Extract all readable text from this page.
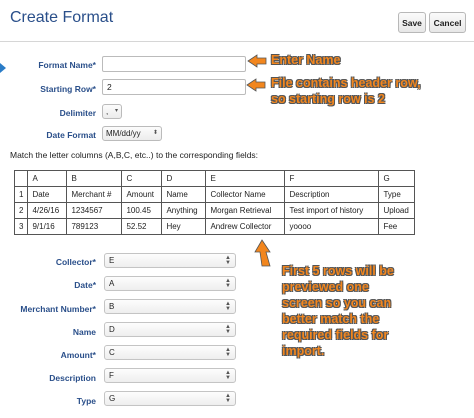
Create Format	Save	Cancel
Format Name*
Starting Row*	2
Delimiter , ▾
Date Format MM/dd/yy ⬍
Match the letter columns (A,B,C, etc..) to the corresponding fields:
	A	B	C	D	E	F	G
1	Date	Merchant #	Amount	Name	Collector Name	Description	Type
2	4/26/16	1234567	100.45	Anything	Morgan Retrieval	Test import of history	Upload
3	9/1/16	789123	52.52	Hey	Andrew Collector	yoooo	Fee
Collector* E	▲
▼
Date* A	▲
▼
Merchant Number* B	▲
▼
Name D	▲
▼
Amount* C	▲
▼
Description F	▲
▼
Type G	▲
▼
Enter Name
File contains header row,
so starting row is 2
First 5 rows will be
previewed one
screen so you can
better match the
required fields for
import.
